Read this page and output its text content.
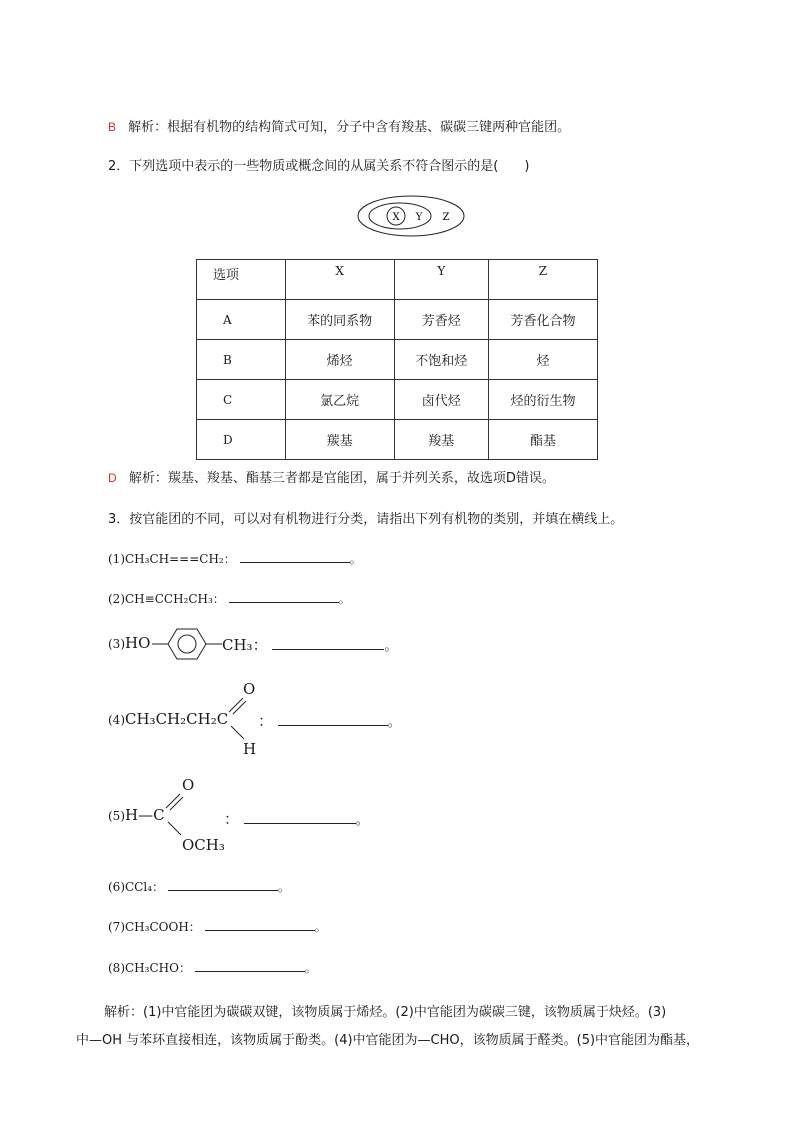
B 解析：根据有机物的结构简式可知，分子中含有羧基、碳碳三键两种官能团。
2．下列选项中表示的一些物质或概念间的从属关系不符合图示的是(　　)
X Y Z
选项	X	Y	Z
A	苯的同系物	芳香烃	芳香化合物
B	烯烃	不饱和烃	烃
C	氯乙烷	卤代烃	烃的衍生物
D	羰基	羧基	酯基
D 解析：羰基、羧基、酯基三者都是官能团，属于并列关系，故选项D错误。
3．按官能团的不同，可以对有机物进行分类，请指出下列有机物的类别，并填在横线上。
(1)CH₃CH===CH₂：	。
(2)CH≡CCH₂CH₃：	。
(3)HO	CH₃：	。
(4)CH₃CH₂CH₂C
O
H
：	。
(5)H—C
O
OCH₃
：	。
(6)CCl₄：	。
(7)CH₃COOH：	。
(8)CH₃CHO：	。
解析：(1)中官能团为碳碳双键，该物质属于烯烃。(2)中官能团为碳碳三键，该物质属于炔烃。(3)
中—OH 与苯环直接相连，该物质属于酚类。(4)中官能团为—CHO，该物质属于醛类。(5)中官能团为酯基，
